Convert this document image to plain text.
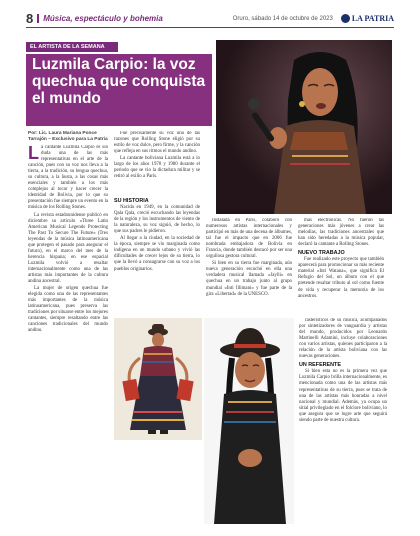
8	Música, espectáculo y bohemia	Oruro, sábado 14 de octubre de 2023 LA PATRIA
EL ARTISTA DE LA SEMANA
Luzmila Carpio: la voz quechua que conquista el mundo
Por: Lic. Laura Mariana Ponce Tarrajón – Exclusivo para La Patria

La cantante Luzmila Carpio es sin duda una de las más representativas en el arte de la canción, pues con su voz nos lleva a la tierra, a la tradición, su lengua quechua, su cultura, a la ñusta, a las cosas más esenciales y también a los más complejos al tocar y hacer crecer la identidad de Bolivia, por lo que su presentación fue siempre un evento en la música de los Rolling Stones.

La revista estadounidense publicó en diciembre su artículo «Three Latin American Musical Legends Protecting The Past To Secure The Future» (Tres leyendas de la música latinoamericana que protegen el pasado para asegurar el futuro), en el marco del mes de la herencia hispana; en ese espacial Luzmila volvió a resaltar internacionalmente como una de las artistas más importantes de la cultura andina ancestral.

La mujer de origen quechua fue elegida como una de las representantes más importantes de la música latinoamericana, pues preserva las tradiciones por situarse entre los mejores cantantes, siempre resaltando entre las canciones tradicionales del mundo andino.

Fue precisamente su voz una de las razones que Rolling Stone eligió por su estilo de voz dulce, pero firme, y la canción que refleja en sus ritmos el mundo andino.

La cantante boliviana Luzmila está a lo largo de los años 1978 y 1980 durante el periodo que se vio la dictadura militar y se retiró al exilio a París.

SU HISTORIA

Nacida en 1949, en la comunidad de Qala Qala, creció escuchando las leyendas de la región y los instrumentos de viento de la naturaleza, su voz siguió, de hecho, lo que sus padres le pidieron.

Al llegar a la ciudad, en la sociedad de la época, siempre se vio marginada como indígena en un mundo urbano y vivió las dificultades de crecer lejos de su tierra, lo que la llevó a consagrarse con su voz a los pueblos originarios.

Instalada en París, colaboró con numerosos artistas internacionales y participó en más de una decena de álbumes, tal fue el impacto que en 2006 fue nombrada embajadora de Bolivia en Francia, donde también destacó por ser una orgullosa gestora cultural.

Si bien en su tierra fue marginada, aún nueva generación escuchó en ella una verdadera musical llamada «Jaylli» en quechua en un trabajo junto al grupo mundial «Inti Illimani» y fue parte de la gira «Libertad» de la UNESCO.

mas electrónicas. No fueron las generaciones más jóvenes a crear las melodías, las tradiciones ancestrales que han sido heredadas a la música popular, declaró la cantante a Rolling Stones.

NUEVO TRABAJO

Fue realizado este proyecto que también aparecerá para promocionar su más reciente material «Inti Watana», que significa El Refugio del Sol, un álbum con el que pretende resaltar tributo al sol como fuente de vida y recuperar la memoria de los ancestros.

rasterísticos de su música, acompañados por sintetizadores de vanguardia y artistas del mundo, producidos por Leonardo Martinelli Adamini, incluye colaboraciones con varios artistas, quienes participaron a la relación de la artista boliviana con las nuevas generaciones.

UN REFERENTE

Si bien esta no es la primera vez que Luzmila Carpio brilla internacionalmente, es mencionada como una de las artistas más representativas de su tierra, pues se trata de una de las artistas más honradas a nivel nacional y mundial. Además, ya ocupa un sitial privilegiado en el folclore boliviano, lo que asegura que se logre arte que seguirá siendo parte de nuestra cultura.
